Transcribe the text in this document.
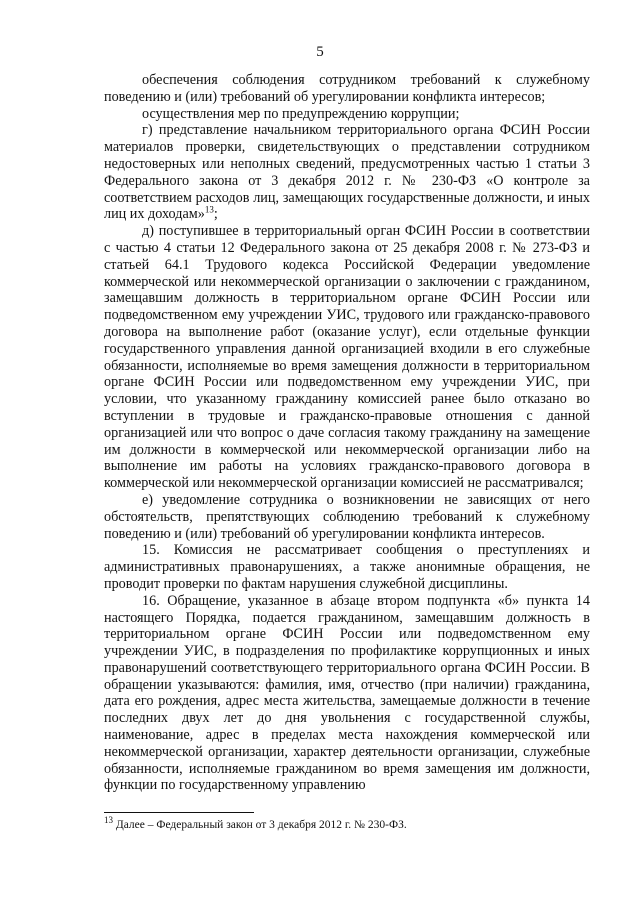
5

обеспечения соблюдения сотрудником требований к служебному поведению и (или) требований об урегулировании конфликта интересов;

осуществления мер по предупреждению коррупции;

г) представление начальником территориального органа ФСИН России материалов проверки, свидетельствующих о представлении сотрудником недостоверных или неполных сведений, предусмотренных частью 1 статьи 3 Федерального закона от 3 декабря 2012 г. № 230-ФЗ «О контроле за соответствием расходов лиц, замещающих государственные должности, и иных лиц их доходам»$^{13}$;

д) поступившее в территориальный орган ФСИН России в соответствии с частью 4 статьи 12 Федерального закона от 25 декабря 2008 г. № 273-ФЗ и статьей 64.1 Трудового кодекса Российской Федерации уведомление коммерческой или некоммерческой организации о заключении с гражданином, замещавшим должность в территориальном органе ФСИН России или подведомственном ему учреждении УИС, трудового или гражданско-правового договора на выполнение работ (оказание услуг), если отдельные функции государственного управления данной организацией входили в его служебные обязанности, исполняемые во время замещения должности в территориальном органе ФСИН России или подведомственном ему учреждении УИС, при условии, что указанному гражданину комиссией ранее было отказано во вступлении в трудовые и гражданско-правовые отношения с данной организацией или что вопрос о даче согласия такому гражданину на замещение им должности в коммерческой или некоммерческой организации либо на выполнение им работы на условиях гражданско-правового договора в коммерческой или некоммерческой организации комиссией не рассматривался;

е) уведомление сотрудника о возникновении не зависящих от него обстоятельств, препятствующих соблюдению требований к служебному поведению и (или) требований об урегулировании конфликта интересов.

15. Комиссия не рассматривает сообщения о преступлениях и административных правонарушениях, а также анонимные обращения, не проводит проверки по фактам нарушения служебной дисциплины.

16. Обращение, указанное в абзаце втором подпункта «б» пункта 14 настоящего Порядка, подается гражданином, замещавшим должность в территориальном органе ФСИН России или подведомственном ему учреждении УИС, в подразделения по профилактике коррупционных и иных правонарушений соответствующего территориального органа ФСИН России. В обращении указываются: фамилия, имя, отчество (при наличии) гражданина, дата его рождения, адрес места жительства, замещаемые должности в течение последних двух лет до дня увольнения с государственной службы, наименование, адрес в пределах места нахождения коммерческой или некоммерческой организации, характер деятельности организации, служебные обязанности, исполняемые гражданином во время замещения им должности, функции по государственному управлению

$^{13}$ Далее – Федеральный закон от 3 декабря 2012 г. № 230-ФЗ.
